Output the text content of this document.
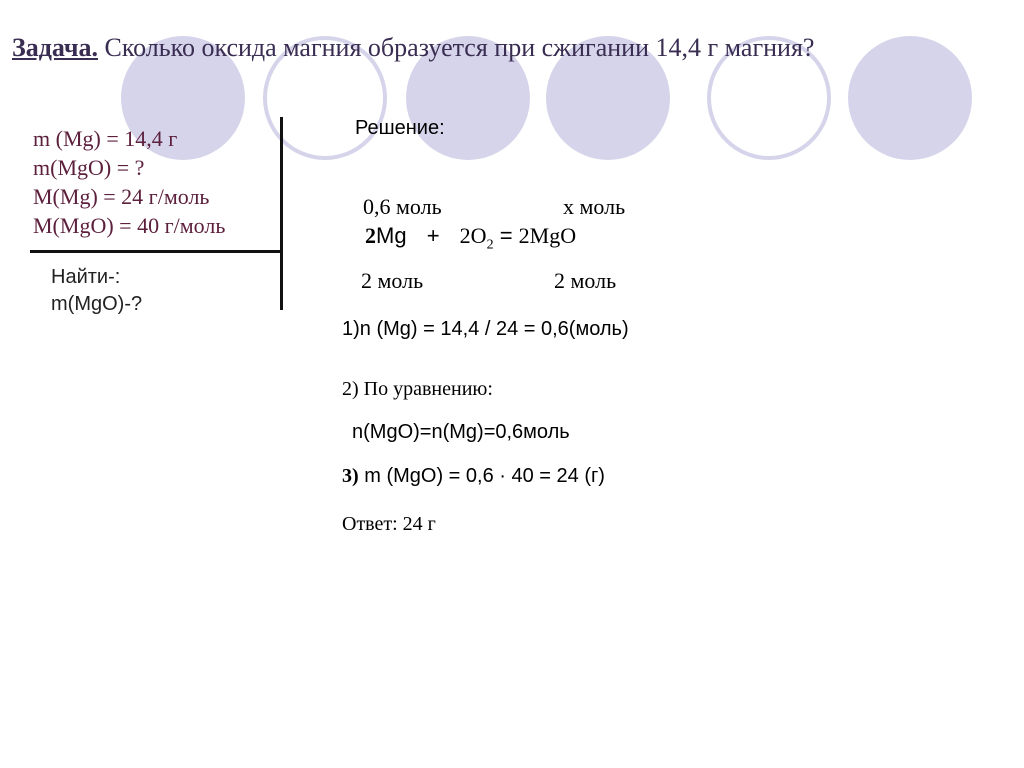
Задача. Сколько оксида магния образуется при сжигании 14,4 г магния?
m (Mg) = 14,4 г
m(MgO) = ?
M(Mg) = 24 г/моль
M(MgO) = 40 г/моль
Найти-:
m(MgO)-?
Решение:
0,6 моль	х моль
$2Mg + 2O_2 = 2MgO$
2 моль	2 моль
1)n (Mg) = 14,4 / 24 = 0,6(моль)
2) По уравнению:
n(MgO)=n(Mg)=0,6моль
3) m (MgO) = 0,6 · 40 = 24 (г)
Ответ: 24 г
